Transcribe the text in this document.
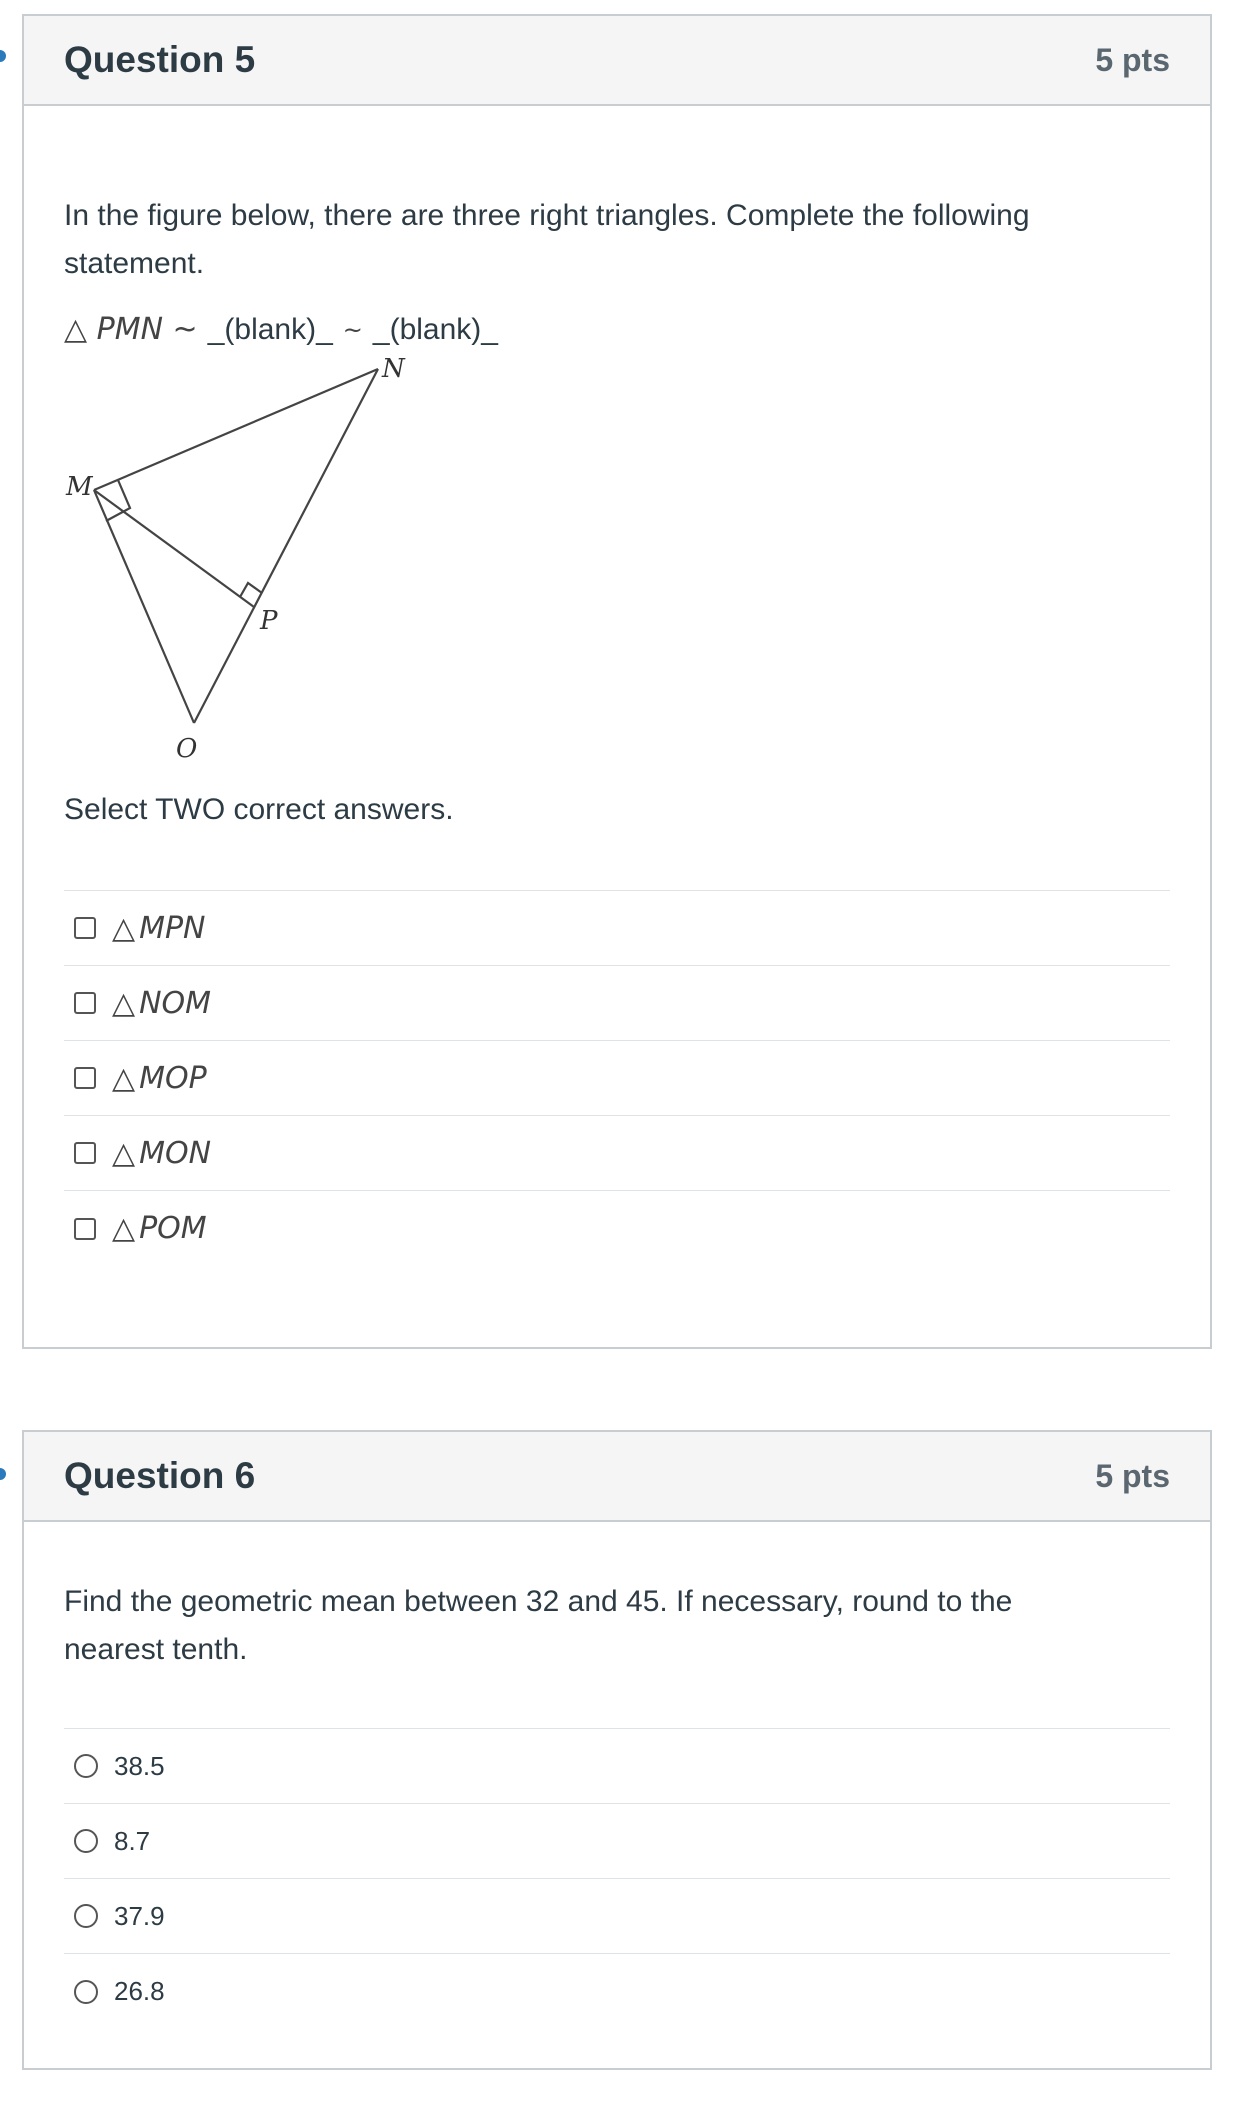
Question 5	5 pts

In the figure below, there are three right triangles. Complete the following statement.

△ PMN ~ _(blank)_ ~ _(blank)_
N
M
P
O

Select TWO correct answers.

△ MPN
△ NOM
△ MOP
△ MON
△ POM
Question 6	5 pts

Find the geometric mean between 32 and 45. If necessary, round to the nearest tenth.

38.5
8.7
37.9
26.8
